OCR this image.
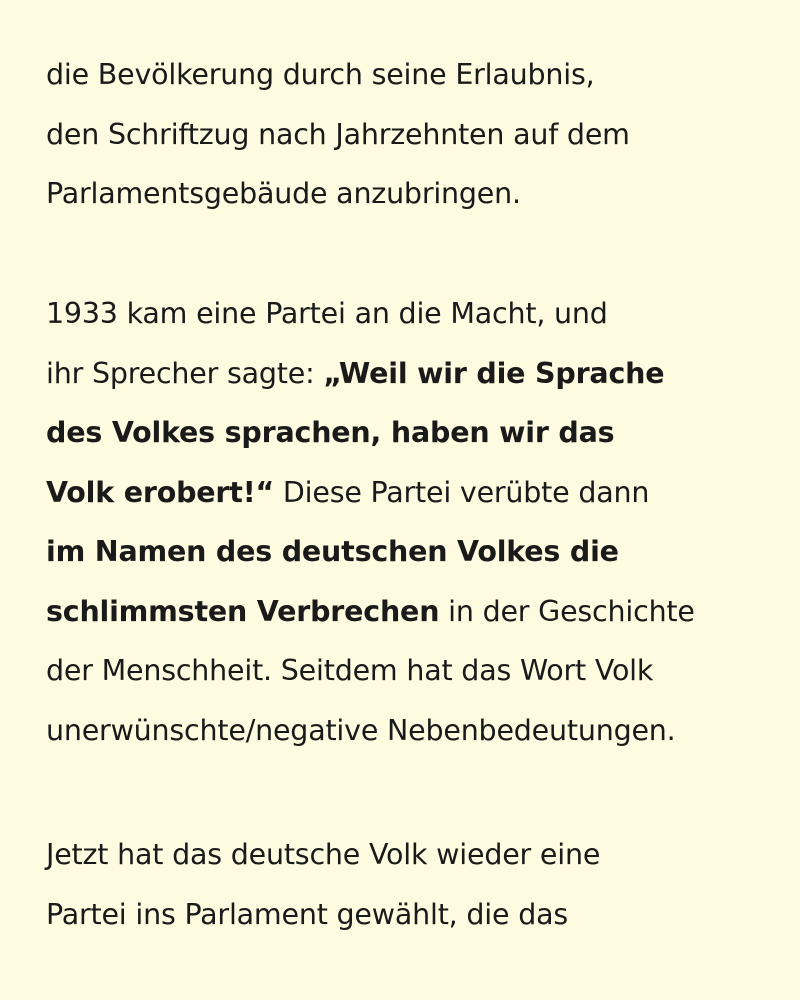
die Bevölkerung durch seine Erlaubnis,
den Schriftzug nach Jahrzehnten auf dem
Parlamentsgebäude anzubringen.

1933 kam eine Partei an die Macht, und
ihr Sprecher sagte: „Weil wir die Sprache
des Volkes sprachen, haben wir das
Volk erobert!“ Diese Partei verübte dann
im Namen des deutschen Volkes die
schlimmsten Verbrechen in der Geschichte
der Menschheit. Seitdem hat das Wort Volk
unerwünschte/negative Nebenbedeutungen.

Jetzt hat das deutsche Volk wieder eine
Partei ins Parlament gewählt, die das
